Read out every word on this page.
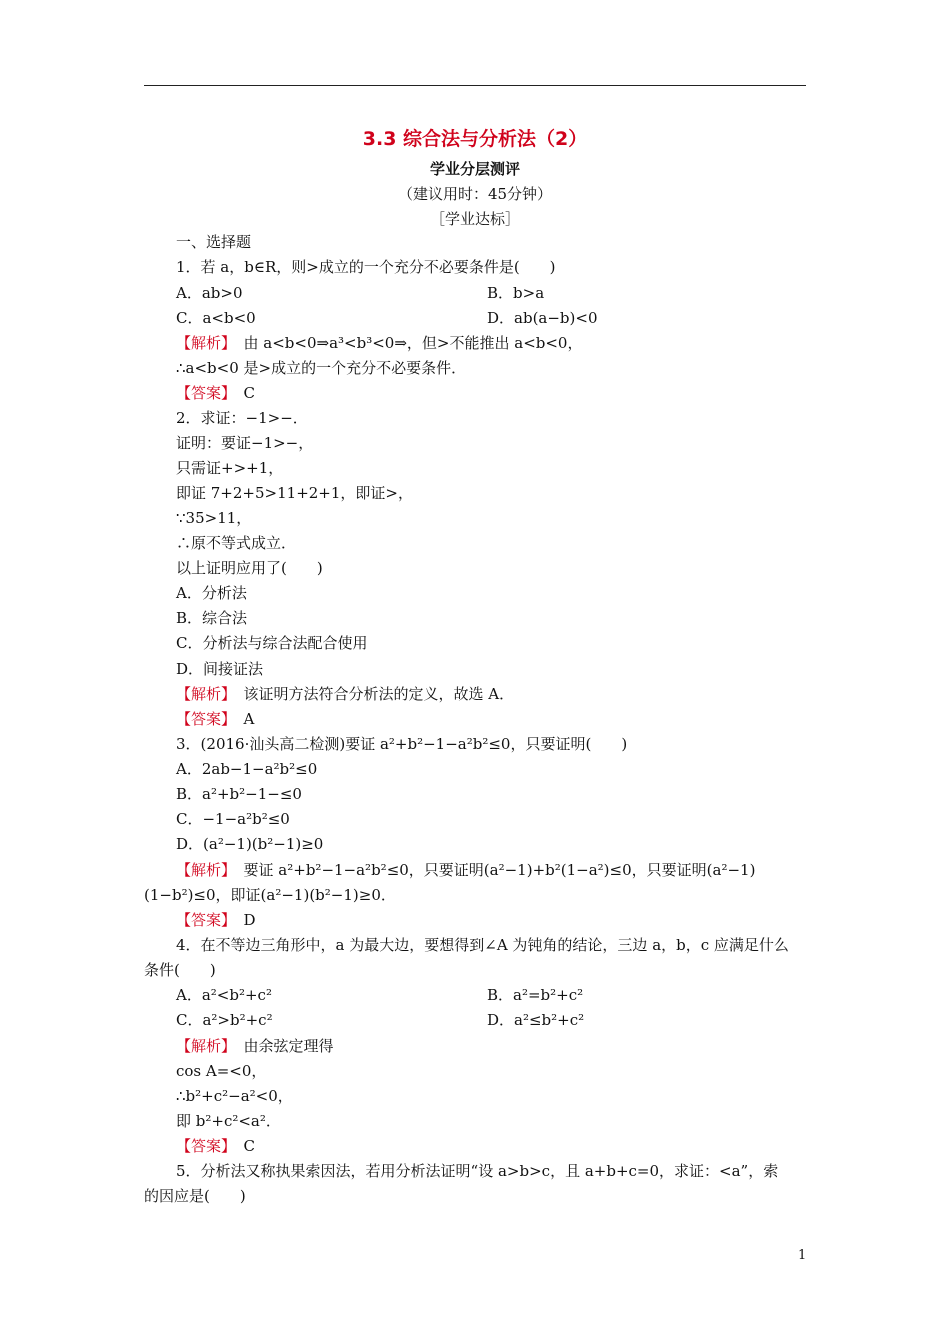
3.3 综合法与分析法（2）
学业分层测评
（建议用时：45分钟）
［学业达标］
一、选择题
1．若 a，b∈R，则>成立的一个充分不必要条件是(　　)
A．ab>0	B．b>a
C．a<b<0	D．ab(a−b)<0
【解析】　 由 a<b<0⇒a³<b³<0⇒，但>不能推出 a<b<0，
∴a<b<0 是>成立的一个充分不必要条件．
【答案】　 C
2．求证：−1>−．
证明：要证−1>−，
只需证+>+1，
即证 7+2+5>11+2+1，即证>，
∵35>11，
∴原不等式成立．
以上证明应用了(　　)
A．分析法
B．综合法
C．分析法与综合法配合使用
D．间接证法
【解析】　 该证明方法符合分析法的定义，故选 A．
【答案】　 A
3．(2016·汕头高二检测)要证 a²+b²−1−a²b²≤0，只要证明(　　)
A．2ab−1−a²b²≤0
B．a²+b²−1−≤0
C．−1−a²b²≤0
D．(a²−1)(b²−1)≥0
【解析】　 要证 a²+b²−1−a²b²≤0，只要证明(a²−1)+b²(1−a²)≤0，只要证明(a²−1)
(1−b²)≤0，即证(a²−1)(b²−1)≥0．
【答案】　 D
4．在不等边三角形中，a 为最大边，要想得到∠A 为钝角的结论，三边 a，b，c 应满足什么
条件(　　)
A．a²<b²+c²	B．a²=b²+c²
C．a²>b²+c²	D．a²≤b²+c²
【解析】　 由余弦定理得
cos A=<0，
∴b²+c²−a²<0，
即 b²+c²<a²．
【答案】　 C
5．分析法又称执果索因法，若用分析法证明“设 a>b>c，且 a+b+c=0，求证：<a”，索
的因应是(　　)
1
